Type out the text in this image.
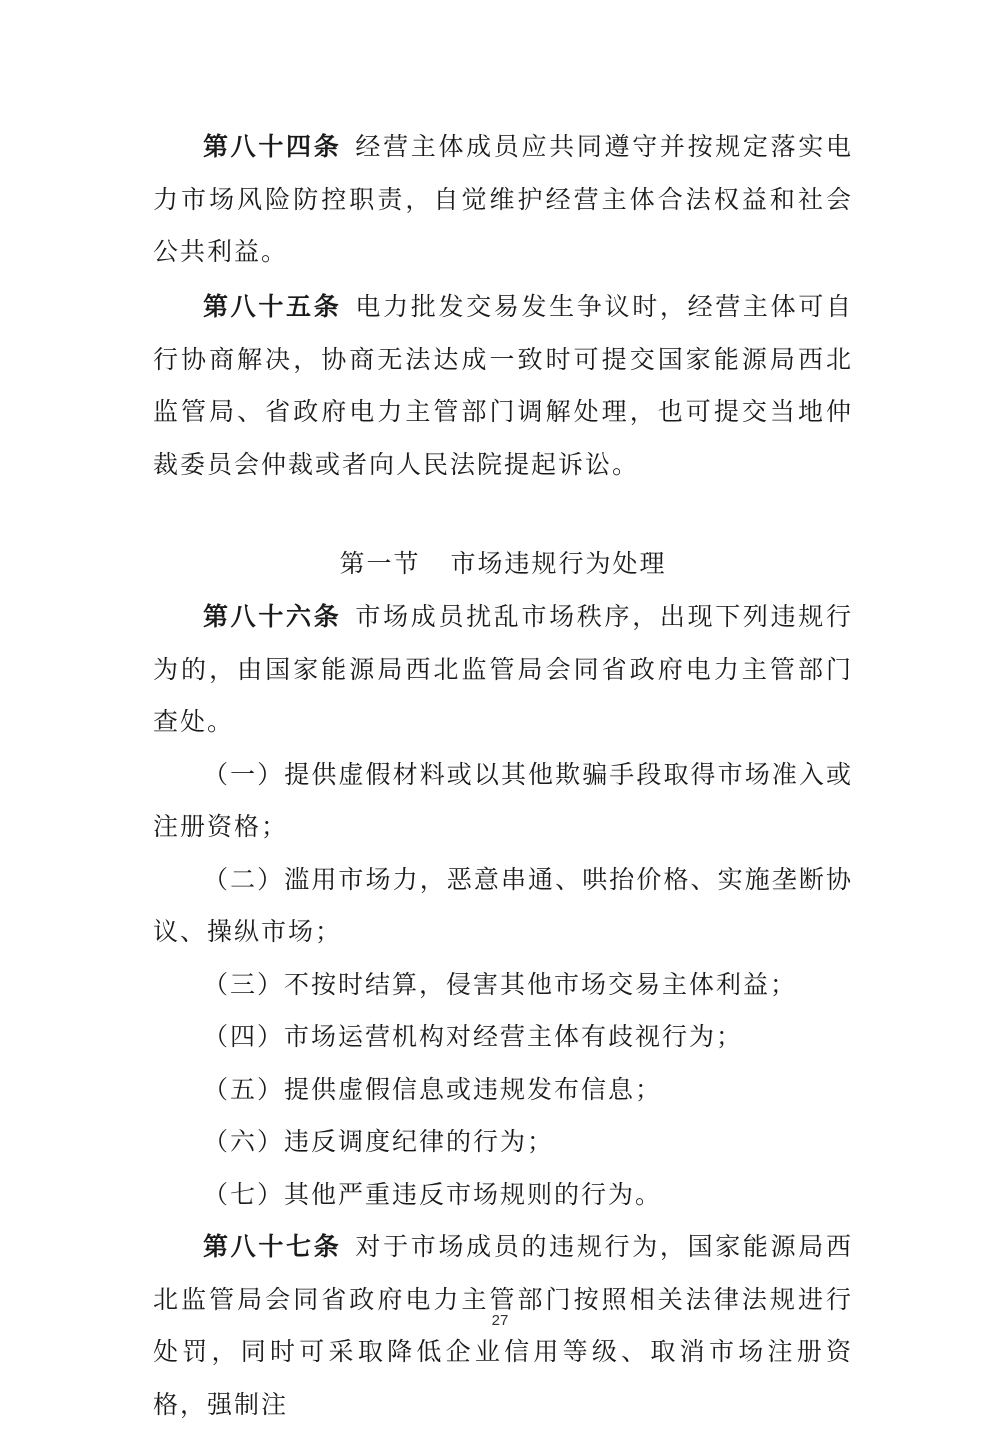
第八十四条 经营主体成员应共同遵守并按规定落实电力市场风险防控职责，自觉维护经营主体合法权益和社会公共利益。

第八十五条 电力批发交易发生争议时，经营主体可自行协商解决，协商无法达成一致时可提交国家能源局西北监管局、省政府电力主管部门调解处理，也可提交当地仲裁委员会仲裁或者向人民法院提起诉讼。

第一节 市场违规行为处理

第八十六条 市场成员扰乱市场秩序，出现下列违规行为的，由国家能源局西北监管局会同省政府电力主管部门查处。

（一）提供虚假材料或以其他欺骗手段取得市场准入或注册资格；

（二）滥用市场力，恶意串通、哄抬价格、实施垄断协议、操纵市场；

（三）不按时结算，侵害其他市场交易主体利益；

（四）市场运营机构对经营主体有歧视行为；

（五）提供虚假信息或违规发布信息；

（六）违反调度纪律的行为；

（七）其他严重违反市场规则的行为。

第八十七条 对于市场成员的违规行为，国家能源局西北监管局会同省政府电力主管部门按照相关法律法规进行处罚，同时可采取降低企业信用等级、取消市场注册资格，强制注

27
